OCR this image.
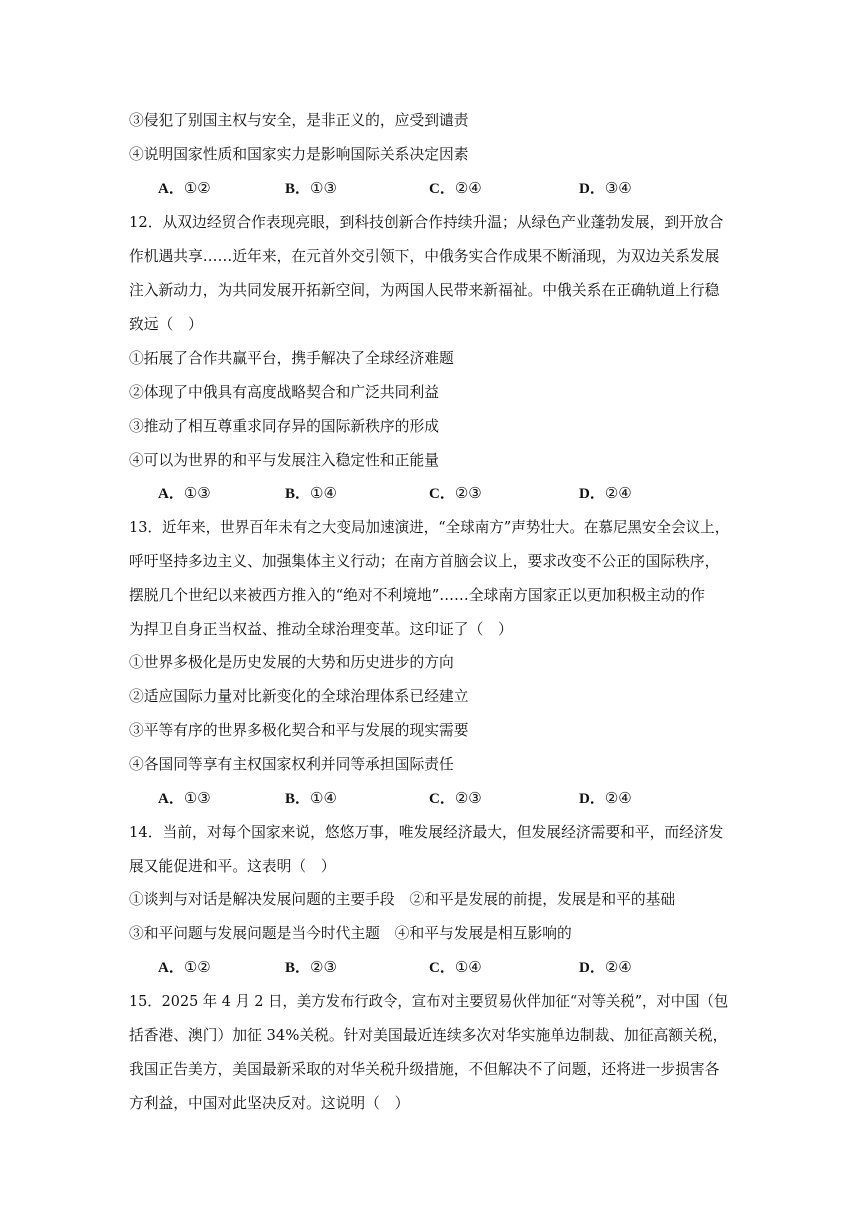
③侵犯了别国主权与安全，是非正义的，应受到谴责
④说明国家性质和国家实力是影响国际关系决定因素
A．①②	B．①③	C．②④	D．③④
12．从双边经贸合作表现亮眼，到科技创新合作持续升温；从绿色产业蓬勃发展，到开放合
作机遇共享……近年来，在元首外交引领下，中俄务实合作成果不断涌现，为双边关系发展
注入新动力，为共同发展开拓新空间，为两国人民带来新福祉。中俄关系在正确轨道上行稳
致远（　）
①拓展了合作共赢平台，携手解决了全球经济难题
②体现了中俄具有高度战略契合和广泛共同利益
③推动了相互尊重求同存异的国际新秩序的形成
④可以为世界的和平与发展注入稳定性和正能量
A．①③	B．①④	C．②③	D．②④
13．近年来，世界百年未有之大变局加速演进，“全球南方”声势壮大。在慕尼黑安全会议上，
呼吁坚持多边主义、加强集体主义行动；在南方首脑会议上，要求改变不公正的国际秩序，
摆脱几个世纪以来被西方推入的“绝对不利境地”……全球南方国家正以更加积极主动的作
为捍卫自身正当权益、推动全球治理变革。这印证了（　）
①世界多极化是历史发展的大势和历史进步的方向
②适应国际力量对比新变化的全球治理体系已经建立
③平等有序的世界多极化契合和平与发展的现实需要
④各国同等享有主权国家权利并同等承担国际责任
A．①③	B．①④	C．②③	D．②④
14．当前，对每个国家来说，悠悠万事，唯发展经济最大，但发展经济需要和平，而经济发
展又能促进和平。这表明（　）
①谈判与对话是解决发展问题的主要手段　②和平是发展的前提，发展是和平的基础
③和平问题与发展问题是当今时代主题　④和平与发展是相互影响的
A．①②	B．②③	C．①④	D．②④
15．2025 年 4 月 2 日，美方发布行政令，宣布对主要贸易伙伴加征“对等关税”，对中国（包
括香港、澳门）加征 34%关税。针对美国最近连续多次对华实施单边制裁、加征高额关税，
我国正告美方，美国最新采取的对华关税升级措施，不但解决不了问题，还将进一步损害各
方利益，中国对此坚决反对。这说明（　）
